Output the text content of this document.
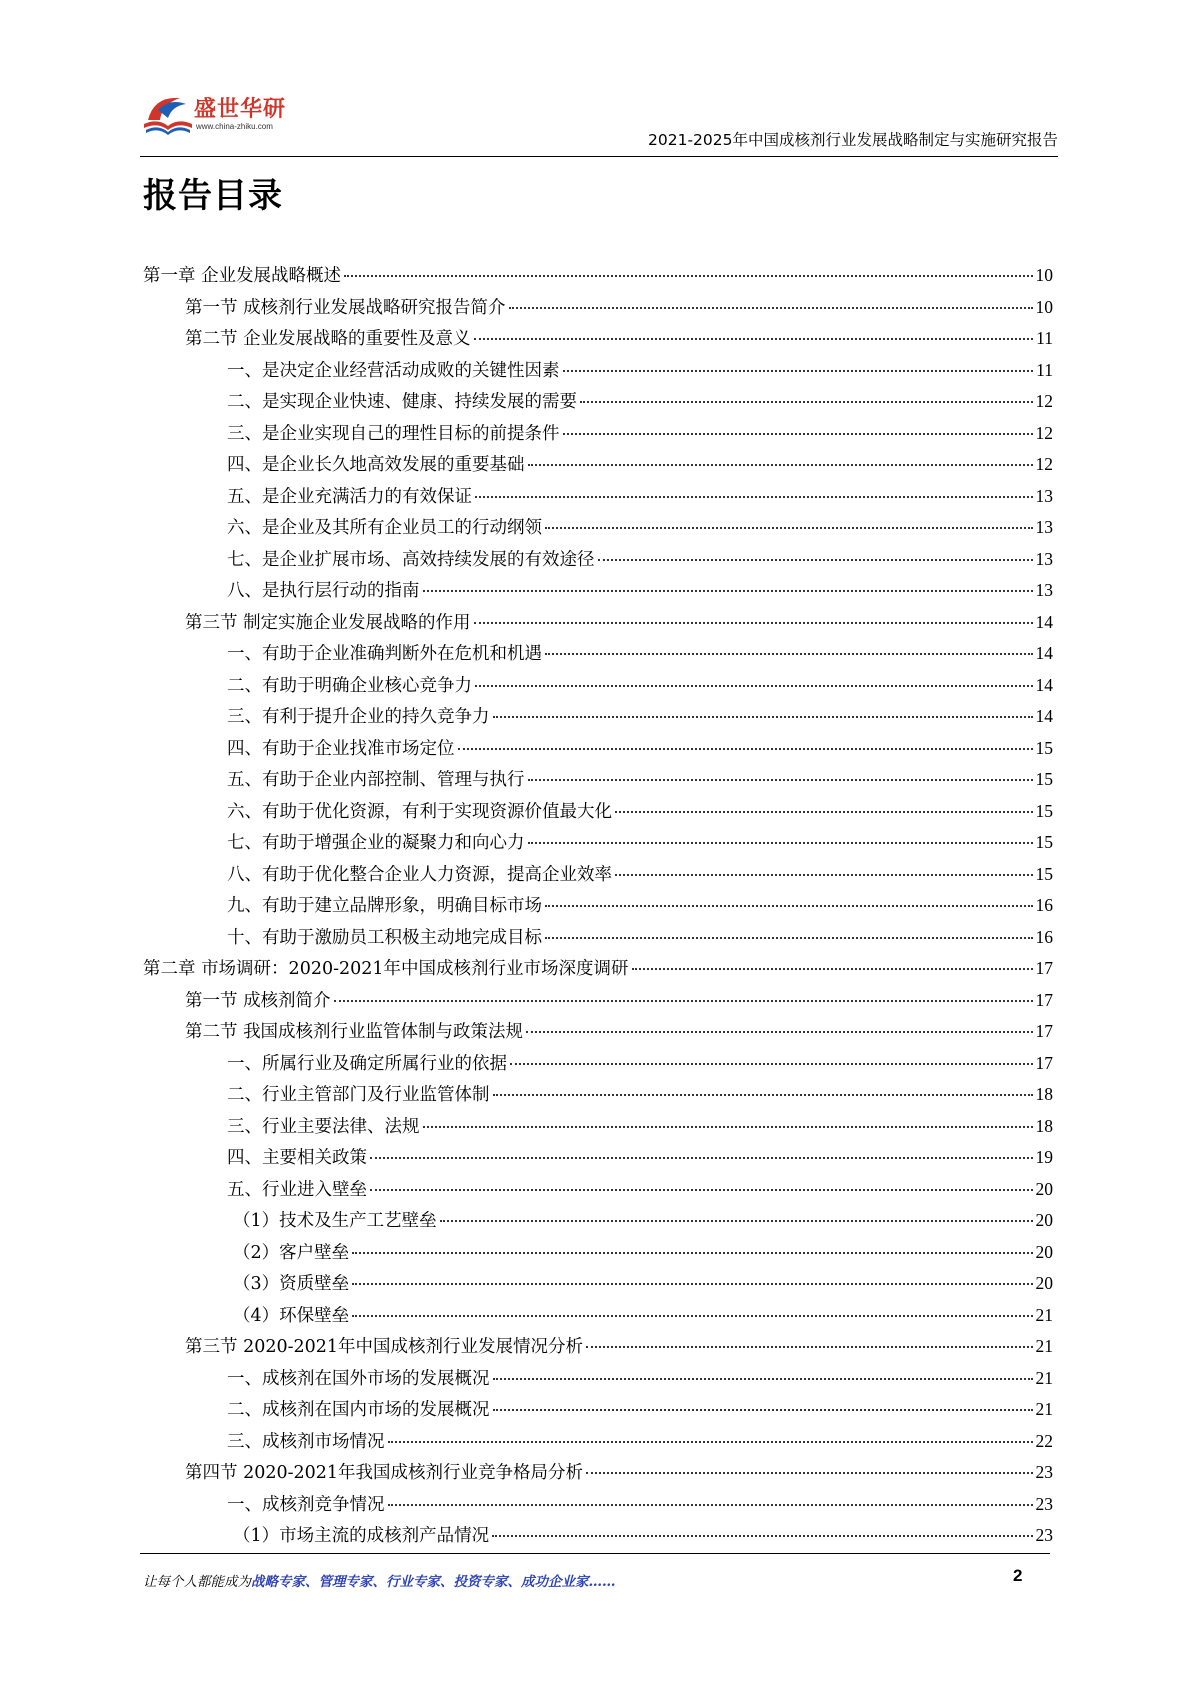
盛世华研
www.china-zhiku.com
2021-2025年中国成核剂行业发展战略制定与实施研究报告
报告目录
第一章 企业发展战略概述	10
第一节 成核剂行业发展战略研究报告简介	10
第二节 企业发展战略的重要性及意义	11
一、是决定企业经营活动成败的关键性因素	11
二、是实现企业快速、健康、持续发展的需要	12
三、是企业实现自己的理性目标的前提条件	12
四、是企业长久地高效发展的重要基础	12
五、是企业充满活力的有效保证	13
六、是企业及其所有企业员工的行动纲领	13
七、是企业扩展市场、高效持续发展的有效途径	13
八、是执行层行动的指南	13
第三节 制定实施企业发展战略的作用	14
一、有助于企业准确判断外在危机和机遇	14
二、有助于明确企业核心竞争力	14
三、有利于提升企业的持久竞争力	14
四、有助于企业找准市场定位	15
五、有助于企业内部控制、管理与执行	15
六、有助于优化资源，有利于实现资源价值最大化	15
七、有助于增强企业的凝聚力和向心力	15
八、有助于优化整合企业人力资源，提高企业效率	15
九、有助于建立品牌形象，明确目标市场	16
十、有助于激励员工积极主动地完成目标	16
第二章 市场调研：2020-2021年中国成核剂行业市场深度调研	17
第一节 成核剂简介	17
第二节 我国成核剂行业监管体制与政策法规	17
一、所属行业及确定所属行业的依据	17
二、行业主管部门及行业监管体制	18
三、行业主要法律、法规	18
四、主要相关政策	19
五、行业进入壁垒	20
（1）技术及生产工艺壁垒	20
（2）客户壁垒	20
（3）资质壁垒	20
（4）环保壁垒	21
第三节 2020-2021年中国成核剂行业发展情况分析	21
一、成核剂在国外市场的发展概况	21
二、成核剂在国内市场的发展概况	21
三、成核剂市场情况	22
第四节 2020-2021年我国成核剂行业竞争格局分析	23
一、成核剂竞争情况	23
（1）市场主流的成核剂产品情况	23
让每个人都能成为战略专家、管理专家、行业专家、投资专家、成功企业家……	2
